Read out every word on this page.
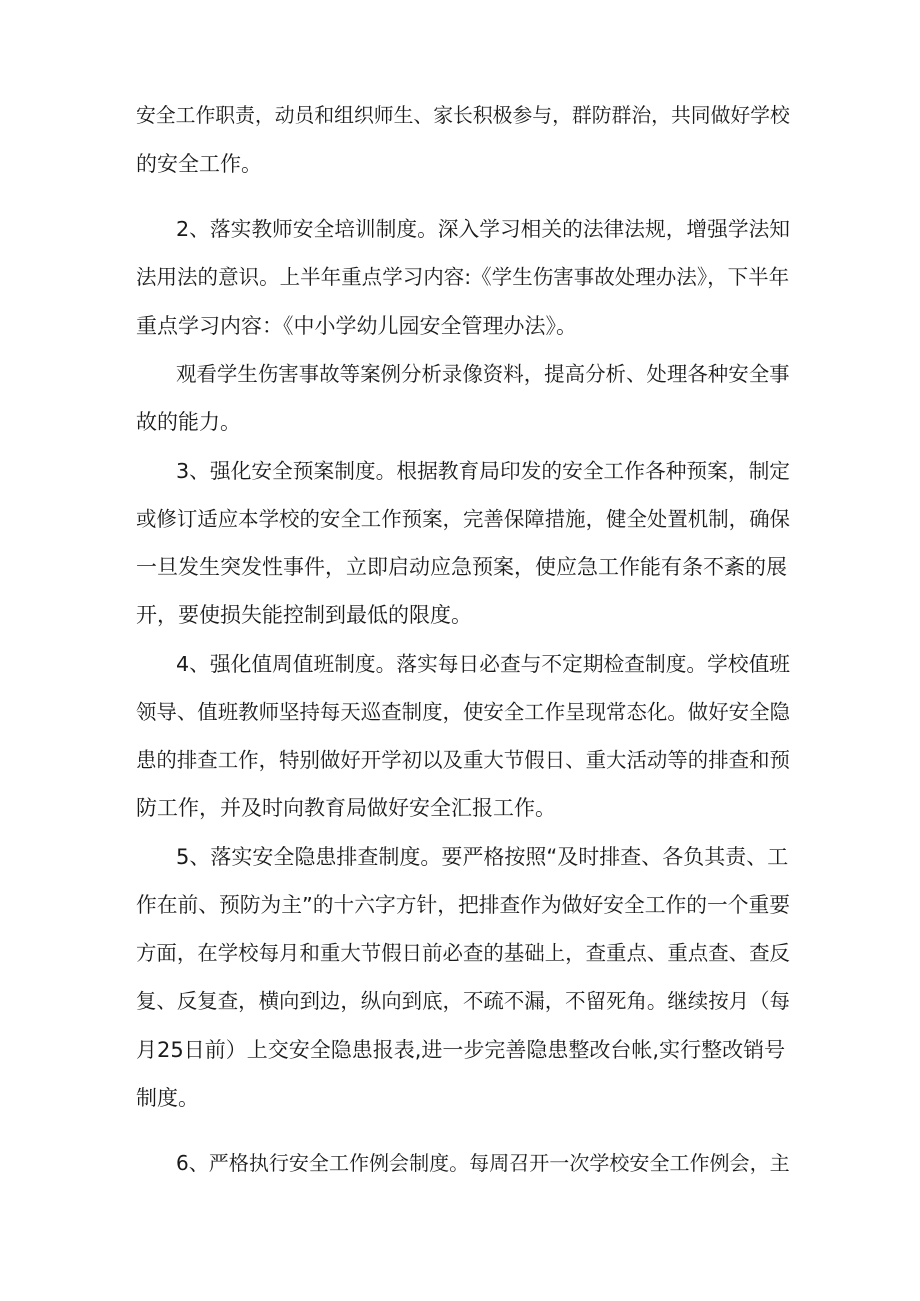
安全工作职责，动员和组织师生、家长积极参与，群防群治，共同做好学校

的安全工作。

2、落实教师安全培训制度。深入学习相关的法律法规，增强学法知

法用法的意识。上半年重点学习内容:《学生伤害事故处理办法》，下半年

重点学习内容：《中小学幼儿园安全管理办法》。

观看学生伤害事故等案例分析录像资料，提高分析、处理各种安全事

故的能力。

3、强化安全预案制度。根据教育局印发的安全工作各种预案，制定

或修订适应本学校的安全工作预案，完善保障措施，健全处置机制，确保

一旦发生突发性事件，立即启动应急预案，使应急工作能有条不紊的展

开，要使损失能控制到最低的限度。

4、强化值周值班制度。落实每日必查与不定期检查制度。学校值班

领导、值班教师坚持每天巡查制度，使安全工作呈现常态化。做好安全隐

患的排查工作，特别做好开学初以及重大节假日、重大活动等的排查和预

防工作，并及时向教育局做好安全汇报工作。

5、落实安全隐患排查制度。要严格按照“及时排查、各负其责、工

作在前、预防为主”的十六字方针，把排查作为做好安全工作的一个重要

方面，在学校每月和重大节假日前必查的基础上，查重点、重点查、查反

复、反复查，横向到边，纵向到底，不疏不漏，不留死角。继续按月（每

月25日前）上交安全隐患报表,进一步完善隐患整改台帐,实行整改销号

制度。

6、严格执行安全工作例会制度。每周召开一次学校安全工作例会，主
